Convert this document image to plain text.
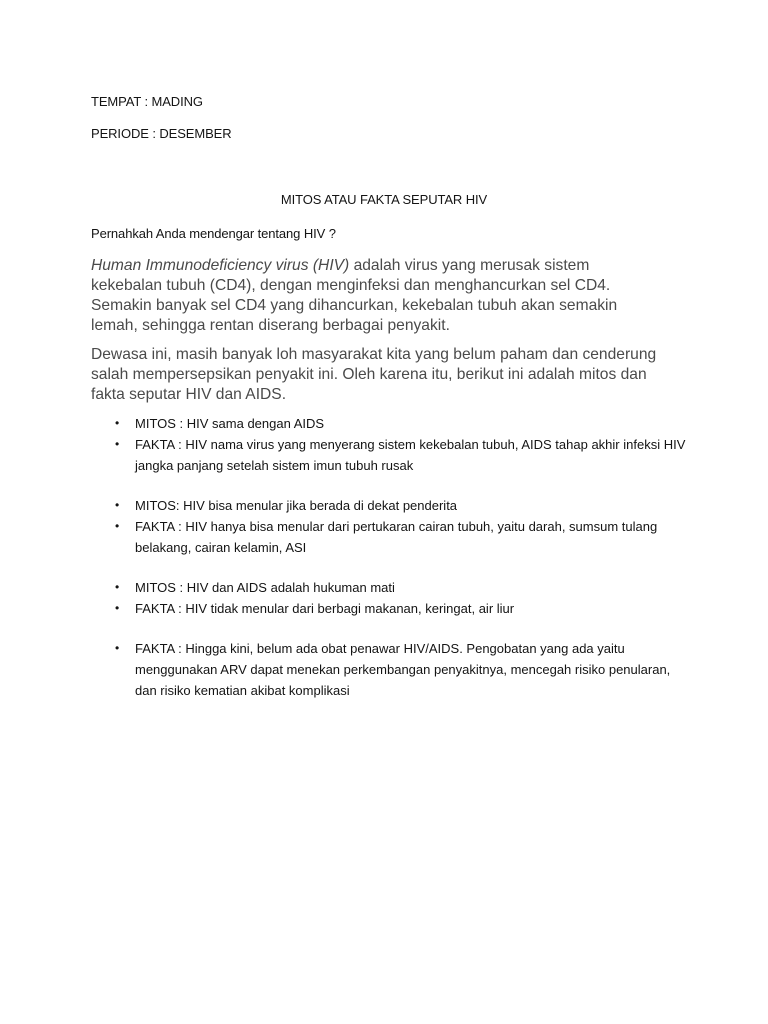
TEMPAT : MADING

PERIODE : DESEMBER

MITOS ATAU FAKTA SEPUTAR HIV

Pernahkah Anda mendengar tentang HIV ?

Human Immunodeficiency virus (HIV) adalah virus yang merusak sistem kekebalan tubuh (CD4), dengan menginfeksi dan menghancurkan sel CD4. Semakin banyak sel CD4 yang dihancurkan, kekebalan tubuh akan semakin lemah, sehingga rentan diserang berbagai penyakit.

Dewasa ini, masih banyak loh masyarakat kita yang belum paham dan cenderung salah mempersepsikan penyakit ini. Oleh karena itu, berikut ini adalah mitos dan fakta seputar HIV dan AIDS.

• MITOS : HIV sama dengan AIDS
• FAKTA : HIV nama virus yang menyerang sistem kekebalan tubuh, AIDS tahap akhir infeksi HIV jangka panjang setelah sistem imun tubuh rusak
• MITOS: HIV bisa menular jika berada di dekat penderita
• FAKTA : HIV hanya bisa menular dari pertukaran cairan tubuh, yaitu darah, sumsum tulang belakang, cairan kelamin, ASI
• MITOS : HIV dan AIDS adalah hukuman mati
• FAKTA : HIV tidak menular dari berbagi makanan, keringat, air liur
• FAKTA : Hingga kini, belum ada obat penawar HIV/AIDS. Pengobatan yang ada yaitu menggunakan ARV dapat menekan perkembangan penyakitnya, mencegah risiko penularan, dan risiko kematian akibat komplikasi
